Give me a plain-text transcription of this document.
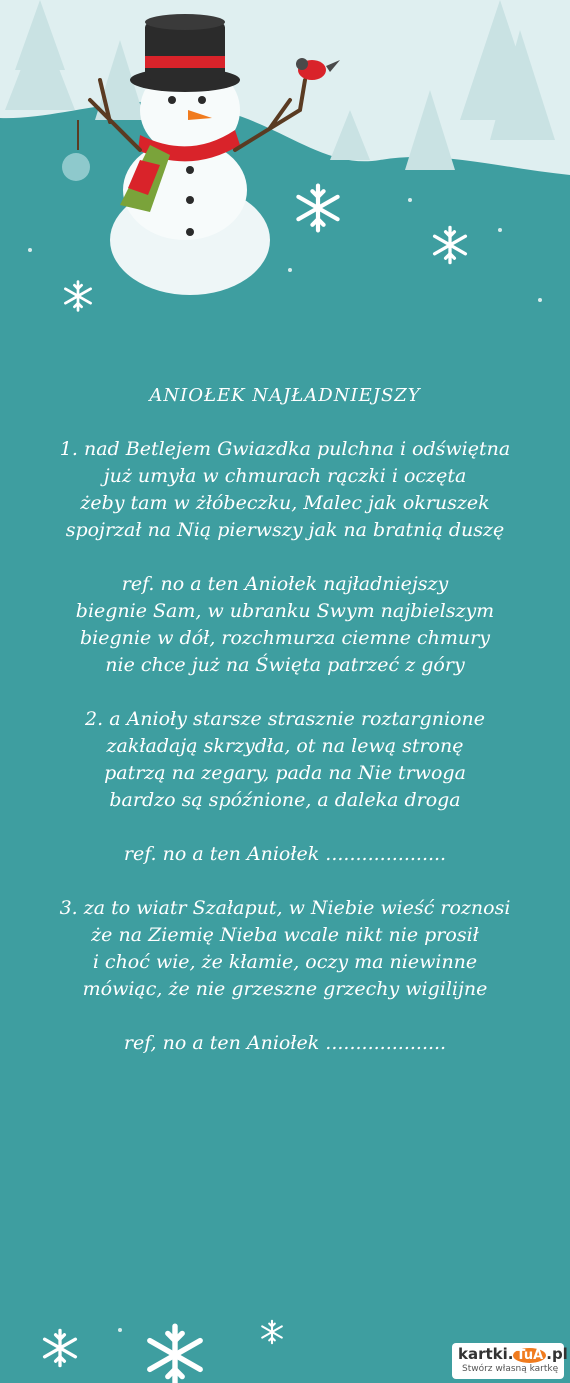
ANIOŁEK NAJŁADNIEJSZY
1. nad Betlejem Gwiazdka pulchna i odświętna
już umyła w chmurach rączki i oczęta
żeby tam w żłóbeczku, Malec jak okruszek
spojrzał na Nią pierwszy jak na bratnią duszę
ref. no a ten Aniołek najładniejszy
biegnie Sam, w ubranku Swym najbielszym
biegnie w dół, rozchmurza ciemne chmury
nie chce już na Święta patrzeć z góry
2. a Anioły starsze strasznie roztargnione
zakładają skrzydła, ot na lewą stronę
patrzą na zegary, pada na Nie trwoga
bardzo są spóźnione, a daleka droga
ref. no a ten Aniołek ....................
3. za to wiatr Szałaput, w Niebie wieść roznosi
że na Ziemię Nieba wcale nikt nie prosił
i choć wie, że kłamie, oczy ma niewinne
mówiąc, że nie grzeszne grzechy wigilijne
ref, no a ten Aniołek ....................
kartki. TuA .pl
Stwórz własną kartkę
